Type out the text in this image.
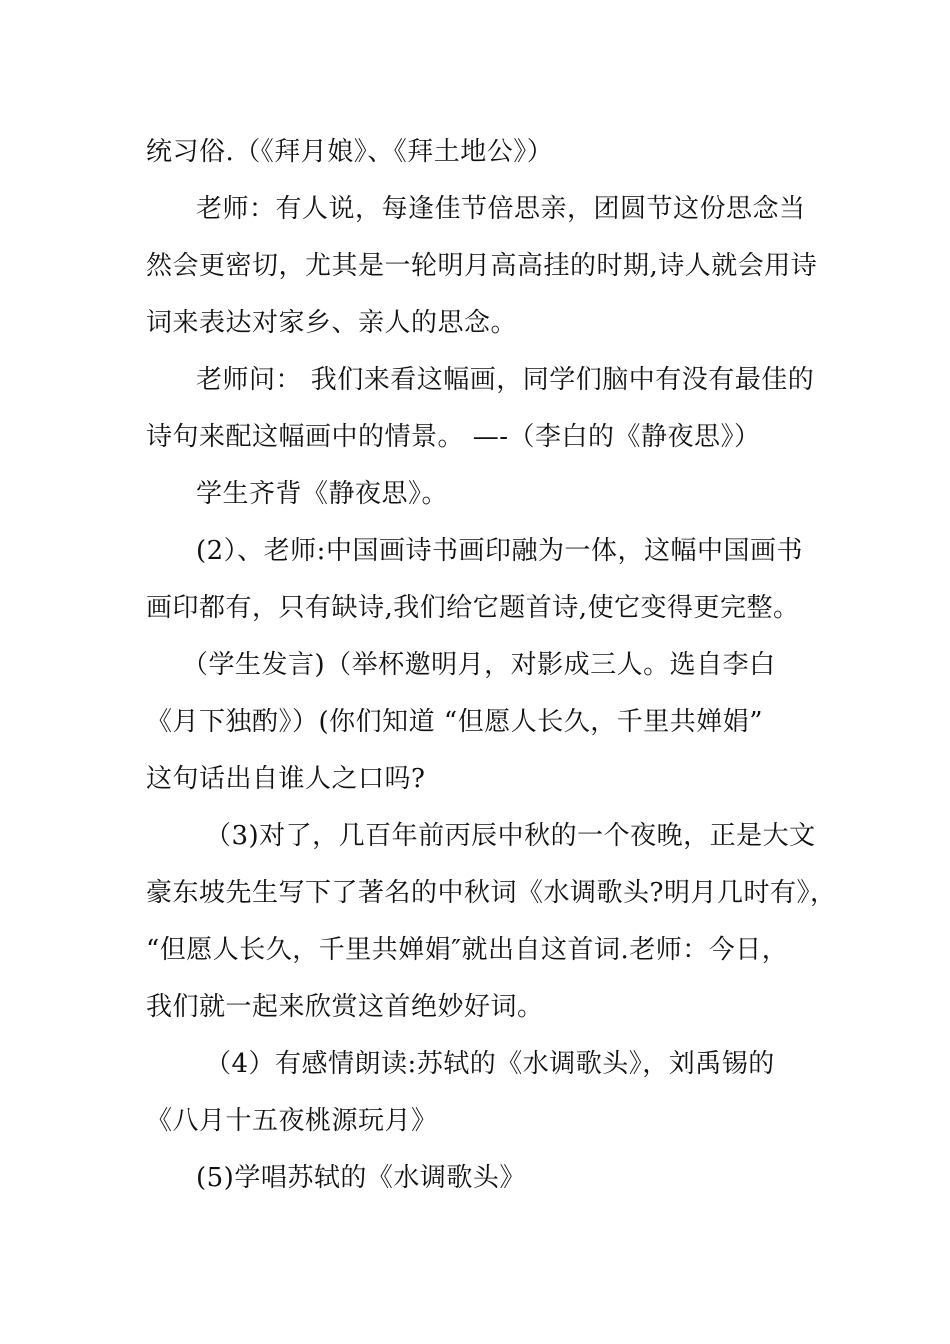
统习俗.（《拜月娘》、《拜土地公》）
老师：有人说，每逢佳节倍思亲，团圆节这份思念当
然会更密切，尤其是一轮明月高高挂的时期,诗人就会用诗
词来表达对家乡、亲人的思念。
老师问： 我们来看这幅画，同学们脑中有没有最佳的
诗句来配这幅画中的情景。 —-（李白的《静夜思》）
学生齐背《静夜思》。
(2）、老师:中国画诗书画印融为一体，这幅中国画书
画印都有，只有缺诗,我们给它题首诗,使它变得更完整。
（学生发言)（举杯邀明月，对影成三人。选自李白
《月下独酌》）(你们知道 “但愿人长久，千里共婵娟”
这句话出自谁人之口吗?
（3)对了，几百年前丙辰中秋的一个夜晚，正是大文
豪东坡先生写下了著名的中秋词《水调歌头?明月几时有》，
“但愿人长久，千里共婵娟″就出自这首词.老师：今日，
我们就一起来欣赏这首绝妙好词。
（4）有感情朗读:苏轼的《水调歌头》，刘禹锡的
《八月十五夜桃源玩月》
(5)学唱苏轼的《水调歌头》
